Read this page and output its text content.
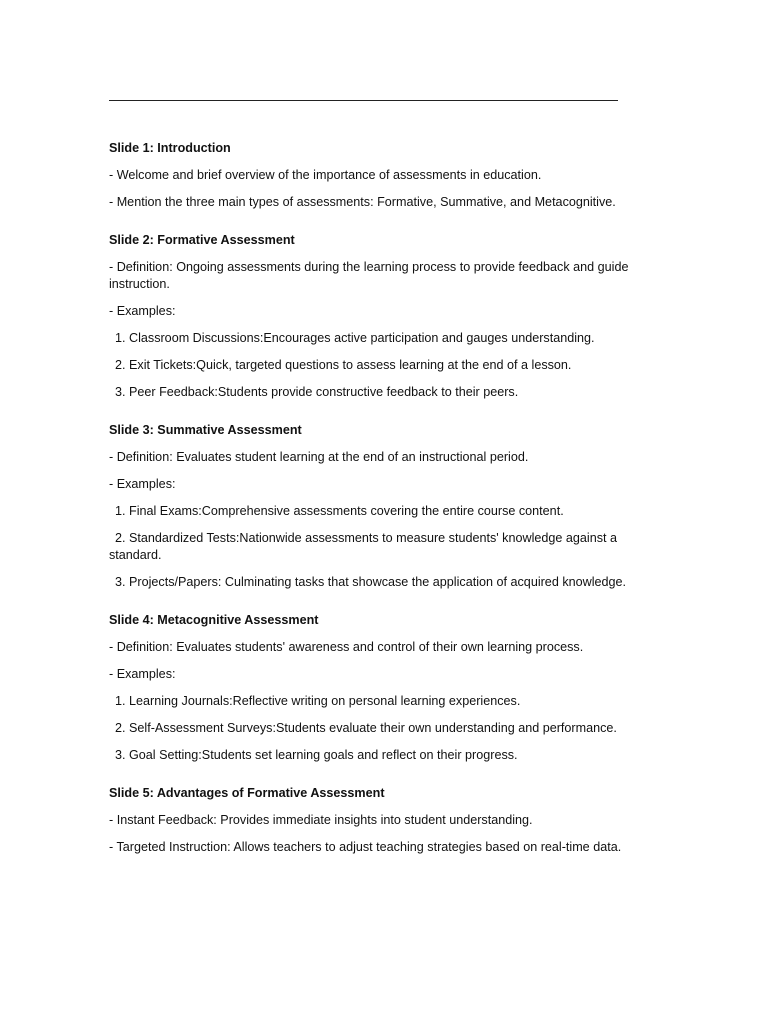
Slide 1: Introduction
- Welcome and brief overview of the importance of assessments in education.
- Mention the three main types of assessments: Formative, Summative, and Metacognitive.
Slide 2: Formative Assessment
- Definition: Ongoing assessments during the learning process to provide feedback and guide instruction.
- Examples:
1. Classroom Discussions:Encourages active participation and gauges understanding.
2. Exit Tickets:Quick, targeted questions to assess learning at the end of a lesson.
3. Peer Feedback:Students provide constructive feedback to their peers.
Slide 3: Summative Assessment
- Definition: Evaluates student learning at the end of an instructional period.
- Examples:
1. Final Exams:Comprehensive assessments covering the entire course content.
2. Standardized Tests:Nationwide assessments to measure students' knowledge against a standard.
3. Projects/Papers: Culminating tasks that showcase the application of acquired knowledge.
Slide 4: Metacognitive Assessment
- Definition: Evaluates students' awareness and control of their own learning process.
- Examples:
1. Learning Journals:Reflective writing on personal learning experiences.
2. Self-Assessment Surveys:Students evaluate their own understanding and performance.
3. Goal Setting:Students set learning goals and reflect on their progress.
Slide 5: Advantages of Formative Assessment
- Instant Feedback: Provides immediate insights into student understanding.
- Targeted Instruction: Allows teachers to adjust teaching strategies based on real-time data.
